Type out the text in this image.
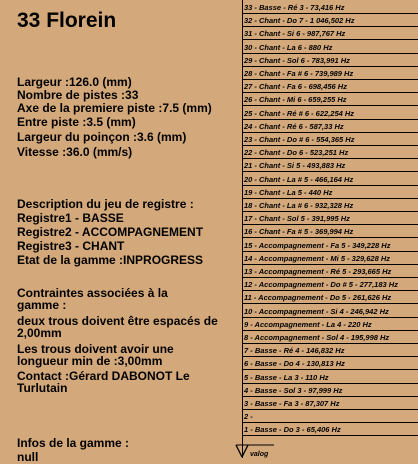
33 Florein
Largeur :126.0 (mm)
Nombre de pistes :33
Axe de la premiere piste :7.5 (mm)
Entre piste :3.5 (mm)
Largeur du poinçon :3.6 (mm)
Vitesse :36.0 (mm/s)
Description du jeu de registre :
Registre1 - BASSE
Registre2 - ACCOMPAGNEMENT
Registre3 - CHANT
Etat de la gamme :INPROGRESS
Contraintes associées à la gamme :
deux trous doivent être espacés de 2,00mm
Les trous doivent avoir une longueur min de :3,00mm
Contact :Gérard DABONOT Le Turlutain
Infos de la gamme :
null
33 - Basse - Ré 3 - 73,416 Hz
32 - Chant - Do 7 - 1 046,502 Hz
31 - Chant - Si 6 - 987,767 Hz
30 - Chant - La 6 - 880 Hz
29 - Chant - Sol 6 - 783,991 Hz
28 - Chant - Fa # 6 - 739,989 Hz
27 - Chant - Fa 6 - 698,456 Hz
26 - Chant - Mi 6 - 659,255 Hz
25 - Chant - Ré # 6 - 622,254 Hz
24 - Chant - Ré 6 - 587,33 Hz
23 - Chant - Do # 6 - 554,365 Hz
22 - Chant - Do 6 - 523,251 Hz
21 - Chant - Si 5 - 493,883 Hz
20 - Chant - La # 5 - 466,164 Hz
19 - Chant - La 5 - 440 Hz
18 - Chant - La # 6 - 932,328 Hz
17 - Chant - Sol 5 - 391,995 Hz
16 - Chant - Fa # 5 - 369,994 Hz
15 - Accompagnement - Fa 5 - 349,228 Hz
14 - Accompagnement - Mi 5 - 329,628 Hz
13 - Accompagnement - Ré 5 - 293,665 Hz
12 - Accompagnement - Do # 5 - 277,183 Hz
11 - Accompagnement - Do 5 - 261,626 Hz
10 - Accompagnement - Si 4 - 246,942 Hz
9 - Accompagnement - La 4 - 220 Hz
8 - Accompagnement - Sol 4 - 195,998 Hz
7 - Basse - Ré 4 - 146,832 Hz
6 - Basse - Do 4 - 130,813 Hz
5 - Basse - La 3 - 110 Hz
4 - Basse - Sol 3 - 97,999 Hz
3 - Basse - Fa 3 - 87,307 Hz
2 -
1 - Basse - Do 3 - 65,406 Hz
valog
